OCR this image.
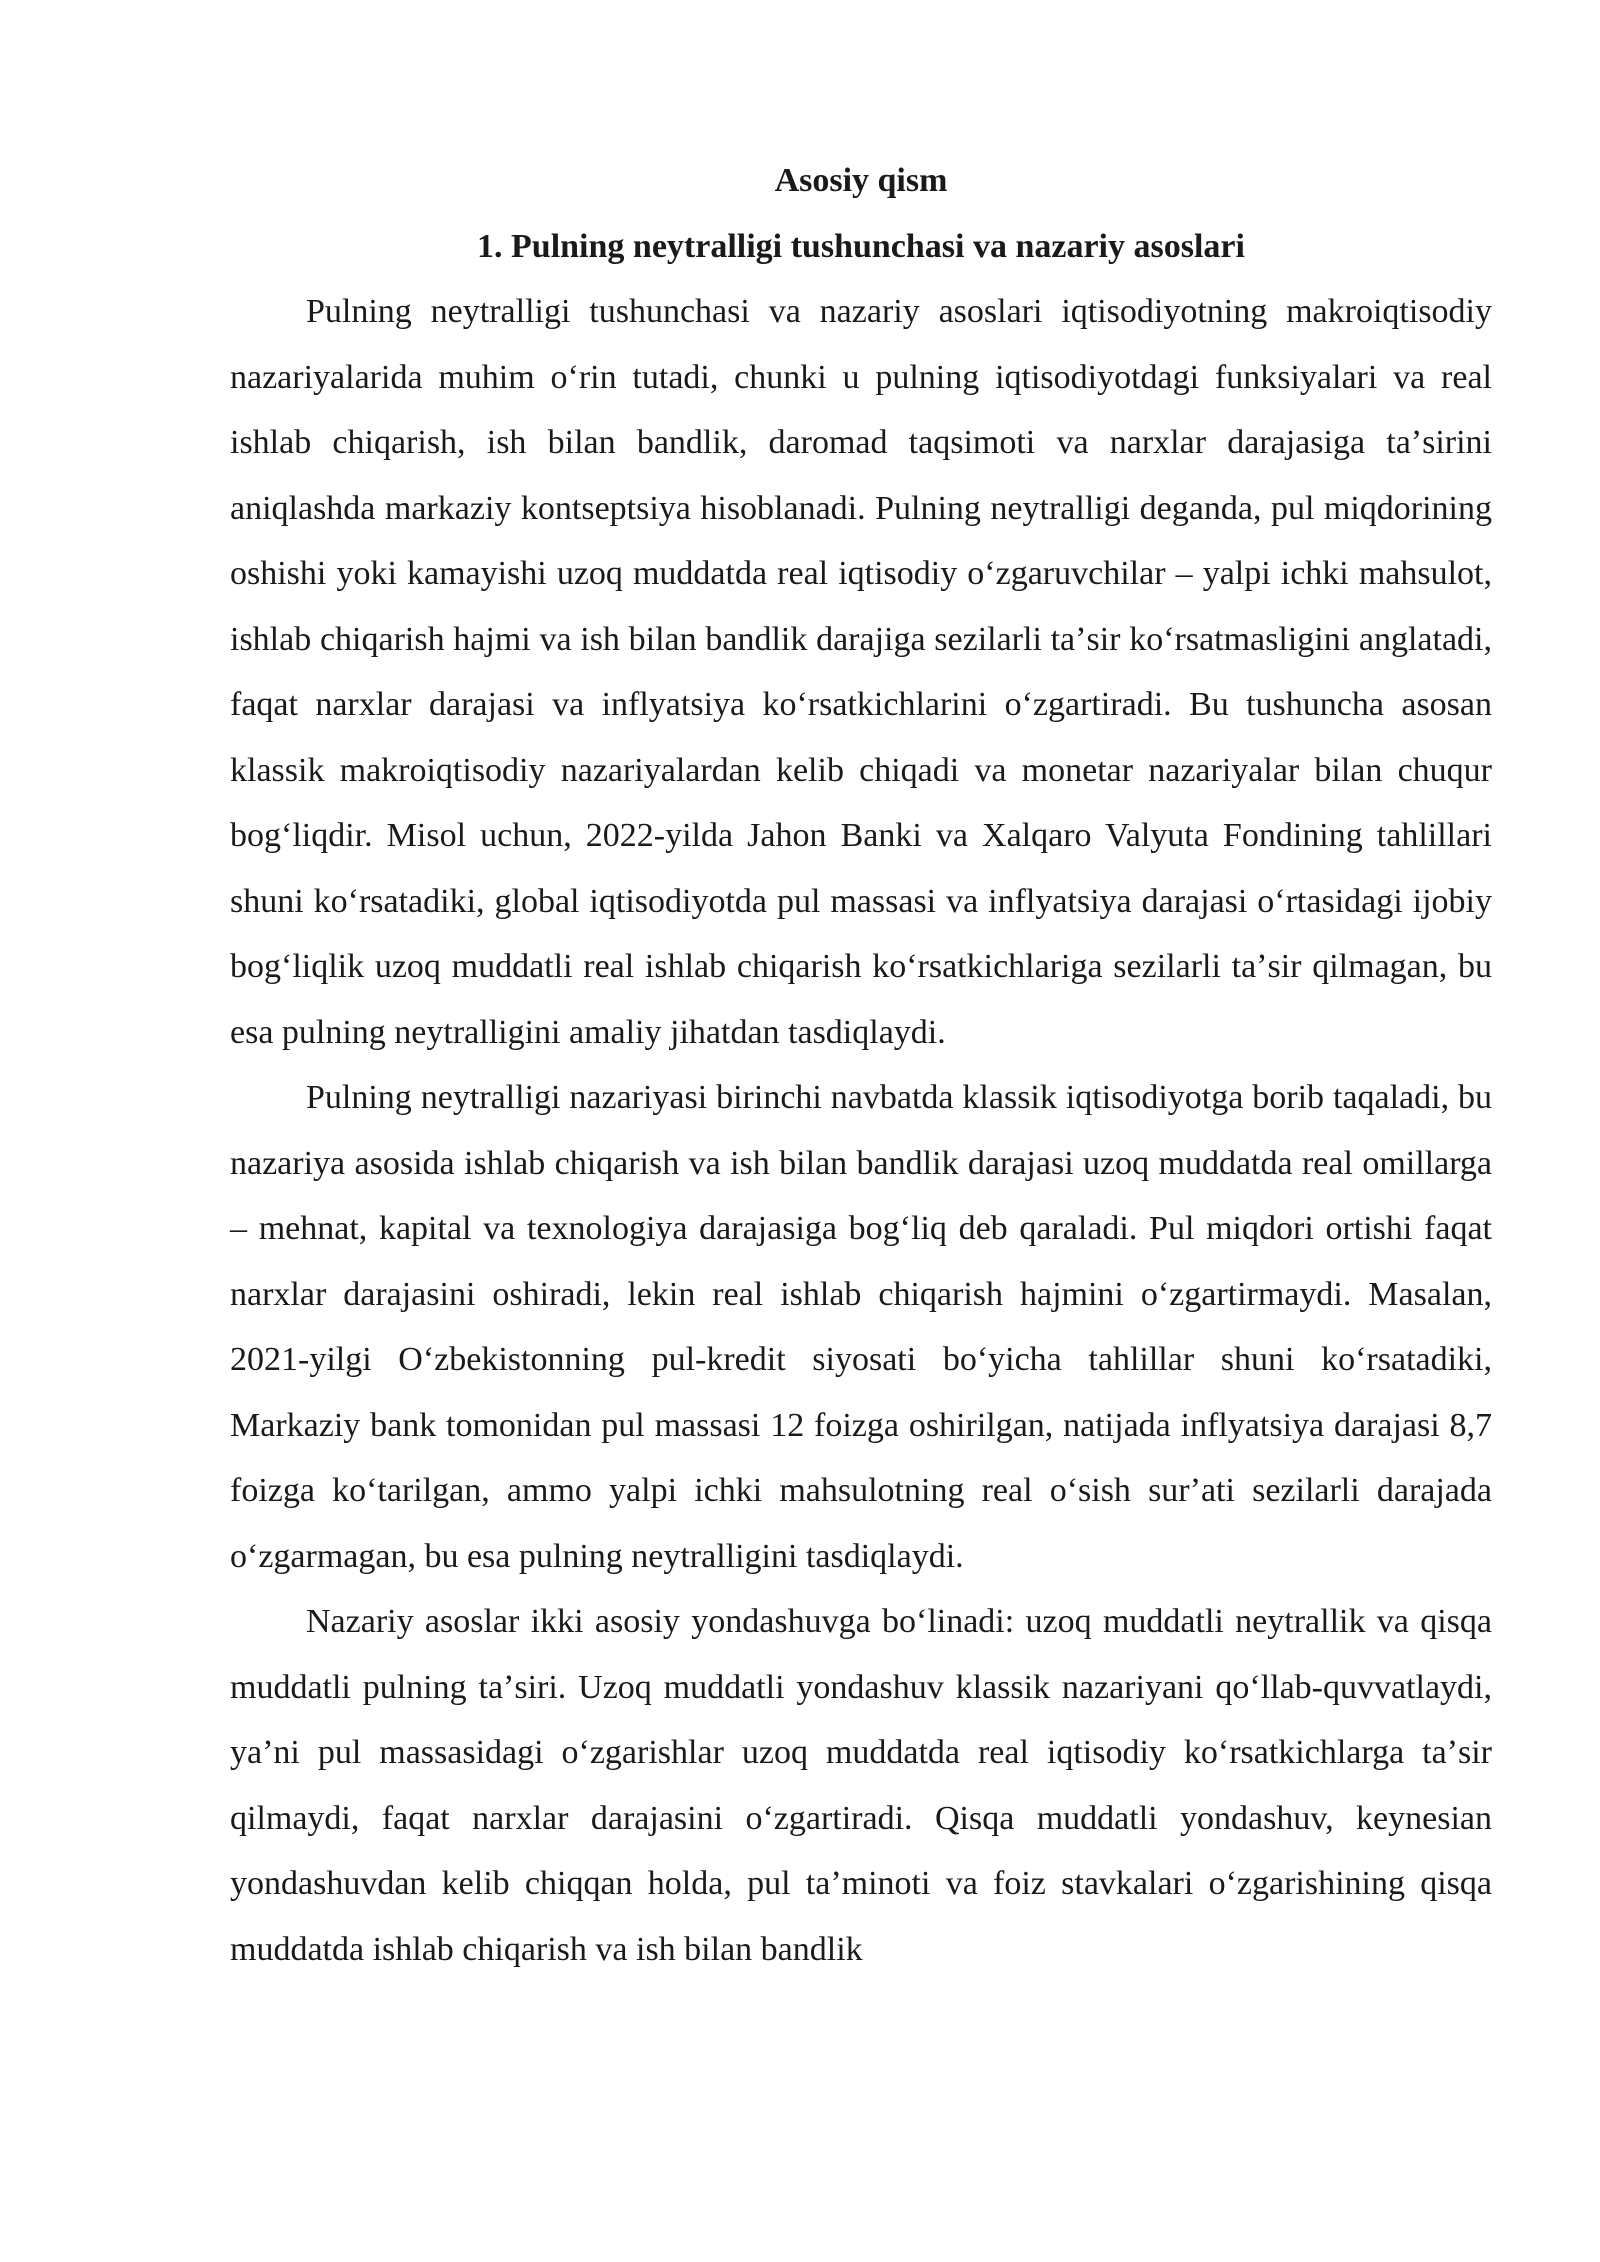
Asosiy qism

1. Pulning neytralligi tushunchasi va nazariy asoslari

Pulning neytralligi tushunchasi va nazariy asoslari iqtisodiyotning makroiqtisodiy nazariyalarida muhim oʻrin tutadi, chunki u pulning iqtisodiyotdagi funksiyalari va real ishlab chiqarish, ish bilan bandlik, daromad taqsimoti va narxlar darajasiga taʼsirini aniqlashda markaziy kontseptsiya hisoblanadi. Pulning neytralligi deganda, pul miqdorining oshishi yoki kamayishi uzoq muddatda real iqtisodiy oʻzgaruvchilar – yalpi ichki mahsulot, ishlab chiqarish hajmi va ish bilan bandlik darajiga sezilarli taʼsir koʻrsatmasligini anglatadi, faqat narxlar darajasi va inflyatsiya koʻrsatkichlarini oʻzgartiradi. Bu tushuncha asosan klassik makroiqtisodiy nazariyalardan kelib chiqadi va monetar nazariyalar bilan chuqur bogʻliqdir. Misol uchun, 2022-yilda Jahon Banki va Xalqaro Valyuta Fondining tahlillari shuni koʻrsatadiki, global iqtisodiyotda pul massasi va inflyatsiya darajasi oʻrtasidagi ijobiy bogʻliqlik uzoq muddatli real ishlab chiqarish koʻrsatkichlariga sezilarli taʼsir qilmagan, bu esa pulning neytralligini amaliy jihatdan tasdiqlaydi.

Pulning neytralligi nazariyasi birinchi navbatda klassik iqtisodiyotga borib taqaladi, bu nazariya asosida ishlab chiqarish va ish bilan bandlik darajasi uzoq muddatda real omillarga – mehnat, kapital va texnologiya darajasiga bogʻliq deb qaraladi. Pul miqdori ortishi faqat narxlar darajasini oshiradi, lekin real ishlab chiqarish hajmini oʻzgartirmaydi. Masalan, 2021-yilgi Oʻzbekistonning pul-kredit siyosati boʻyicha tahlillar shuni koʻrsatadiki, Markaziy bank tomonidan pul massasi 12 foizga oshirilgan, natijada inflyatsiya darajasi 8,7 foizga koʻtarilgan, ammo yalpi ichki mahsulotning real oʻsish surʼati sezilarli darajada oʻzgarmagan, bu esa pulning neytralligini tasdiqlaydi.

Nazariy asoslar ikki asosiy yondashuvga boʻlinadi: uzoq muddatli neytrallik va qisqa muddatli pulning taʼsiri. Uzoq muddatli yondashuv klassik nazariyani qoʻllab-quvvatlaydi, yaʼni pul massasidagi oʻzgarishlar uzoq muddatda real iqtisodiy koʻrsatkichlarga taʼsir qilmaydi, faqat narxlar darajasini oʻzgartiradi. Qisqa muddatli yondashuv, keynesian yondashuvdan kelib chiqqan holda, pul taʼminoti va foiz stavkalari oʻzgarishining qisqa muddatda ishlab chiqarish va ish bilan bandlik
